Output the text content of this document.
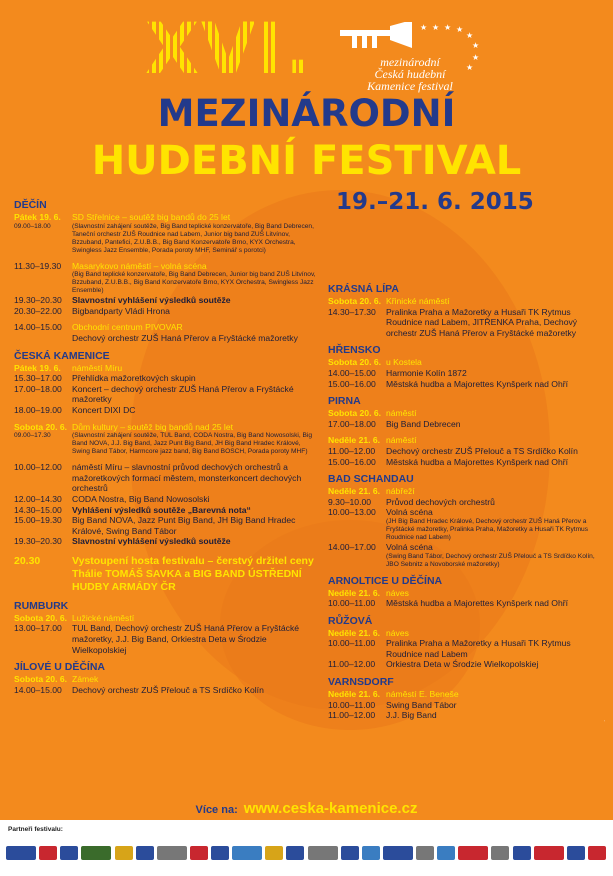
XVI.	★ ★ ★ ★
★
★
★
★
mezinárodní
Česká hudební
Kamenice festival
MEZINÁRODNÍ
HUDEBNÍ FESTIVAL
19.–21. 6. 2015
DĚČÍN
Pátek 19. 6.	SD Střelnice – soutěž big bandů do 25 let
09.00–18.00	(Slavnostní zahájení soutěže, Big Band teplické konzervatoře, Big Band Debrecen, Taneční orchestr ZUŠ Roudnice nad Labem, Junior big band ZUŠ Litvínov, Bzzuband, Pantefici, Z.U.B.B., Big Band Konzervatoře Brno, KYX Orchestra, Swingless Jazz Ensemble, Porada poroty MHF, Seminář s porotci)
11.30–19.30	Masarykovo náměstí – volná scéna
(Big Band teplické konzervatoře, Big Band Debrecen, Junior big band ZUŠ Litvínov, Bzzuband, Z.U.B.B., Big Band Konzervatoře Brno, KYX Orchestra, Swingless Jazz Ensemble)
19.30–20.30	Slavnostní vyhlášení výsledků soutěže
20.30–22.00	Bigbandparty Vládi Hrona
14.00–15.00	Obchodní centrum PIVOVAR
Dechový orchestr ZUŠ Haná Přerov a Fryštácké mažoretky
ČESKÁ KAMENICE
Pátek 19. 6.	náměstí Míru
15.30–17.00	Přehlídka mažoretkových skupin
17.00–18.00	Koncert – dechový orchestr ZUŠ Haná Přerov a Fryštácké mažoretky
18.00–19.00	Koncert DIXI DC
Sobota 20. 6. Dům kultury – soutěž big bandů nad 25 let
09.00–17.30	(Slavnostní zahájení soutěže, TUL Band, CODA Nostra, Big Band Nowosolski, Big Band NOVA, J.J. Big Band, Jazz Punt Big Band, JH Big Band Hradec Králové, Swing Band Tábor, Harmcore jazz band, Big Band BOSCH, Porada poroty MHF)
10.00–12.00	náměstí Míru – slavnostní průvod dechových orchestrů a mažoretkových formací městem, monsterkoncert dechových orchestrů
12.00–14.30	CODA Nostra, Big Band Nowosolski
14.30–15.00	Vyhlášení výsledků soutěže „Barevná nota“
15.00–19.30	Big Band NOVA, Jazz Punt Big Band, JH Big Band Hradec Králové, Swing Band Tábor
19.30–20.30	Slavnostní vyhlášení výsledků soutěže
20.30	Vystoupení hosta festivalu – čerstvý držitel ceny Thálie TOMÁŠ SAVKA a BIG BAND ÚSTŘEDNÍ HUDBY ARMÁDY ČR
RUMBURK
Sobota 20. 6. Lužické náměstí
13.00–17.00	TUL Band, Dechový orchestr ZUŠ Haná Přerov a Fryštácké mažoretky, J.J. Big Band, Orkiestra Deta w Środzie Wielkopolskiej
JÍLOVÉ U DĚČÍNA
Sobota 20. 6. Zámek
14.00–15.00	Dechový orchestr ZUŠ Přelouč a TS Srdíčko Kolín
KRÁSNÁ LÍPA
Sobota 20. 6. Křinické náměstí
14.30–17.30	Pralinka Praha a Mažoretky a Husaři TK Rytmus Roudnice nad Labem, JITŘENKA Praha, Dechový orchestr ZUŠ Haná Přerov a Fryštácké mažoretky
HŘENSKO
Sobota 20. 6. u Kostela
14.00–15.00	Harmonie Kolín 1872
15.00–16.00	Městská hudba a Majorettes Kynšperk nad Ohří
PIRNA
Sobota 20. 6. náměstí
17.00–18.00	Big Band Debrecen
Neděle 21. 6. náměstí
11.00–12.00	Dechový orchestr ZUŠ Přelouč a TS Srdíčko Kolín
15.00–16.00	Městská hudba a Majorettes Kynšperk nad Ohří
BAD SCHANDAU
Neděle 21. 6. nábřeží
9.30–10.00	Průvod dechových orchestrů
10.00–13.00	Volná scéna
(JH Big Band Hradec Králové, Dechový orchestr ZUŠ Haná Přerov a Fryštácké mažoretky, Pralinka Praha, Mažoretky a Husaři TK Rytmus Roudnice nad Labem)
14.00–17.00	Volná scéna
(Swing Band Tábor, Dechový orchestr ZUŠ Přelouč a TS Srdíčko Kolín, JBO Sebnitz a Novoborské mažoretky)
ARNOLTICE U DĚČÍNA
Neděle 21. 6. náves
10.00–11.00	Městská hudba a Majorettes Kynšperk nad Ohří
RŮŽOVÁ
Neděle 21. 6. náves
10.00–11.00	Pralinka Praha a Mažoretky a Husaři TK Rytmus Roudnice nad Labem
11.00–12.00	Orkiestra Deta w Środzie Wielkopolskiej
VARNSDORF
Neděle 21. 6. náměstí E. Beneše
10.00–11.00	Swing Band Tábor
11.00–12.00	J.J. Big Band
·
Více na: www.ceska-kamenice.cz
Partneři festivalu:
